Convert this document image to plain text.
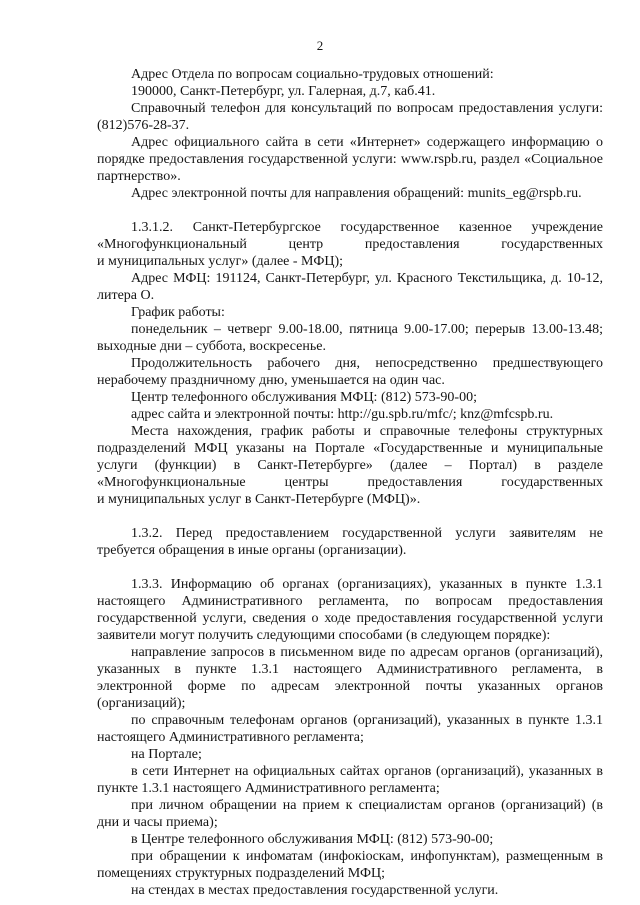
2

Адрес Отдела по вопросам социально-трудовых отношений:

190000, Санкт-Петербург, ул. Галерная, д.7, каб.41.

Справочный телефон для консультаций по вопросам предоставления услуги: (812)576-28-37.

Адрес официального сайта в сети «Интернет» содержащего информацию о порядке предоставления государственной услуги: www.rspb.ru, раздел «Социальное партнерство».

Адрес электронной почты для направления обращений: munits_eg@rspb.ru.

1.3.1.2. Санкт-Петербургское государственное казенное учреждение
«Многофункциональный центр предоставления государственных
и муниципальных услуг» (далее - МФЦ);

Адрес МФЦ: 191124, Санкт-Петербург, ул. Красного Текстильщика, д. 10-12, литера О.

График работы:

понедельник – четверг 9.00-18.00, пятница 9.00-17.00; перерыв 13.00-13.48; выходные дни – суббота, воскресенье.

Продолжительность рабочего дня, непосредственно предшествующего нерабочему праздничному дню, уменьшается на один час.

Центр телефонного обслуживания МФЦ: (812) 573-90-00;

адрес сайта и электронной почты: http://gu.spb.ru/mfc/; knz@mfcspb.ru.

Места нахождения, график работы и справочные телефоны структурных
подразделений МФЦ указаны на Портале «Государственные и муниципальные
услуги (функции) в Санкт-Петербурге» (далее – Портал) в разделе
«Многофункциональные центры предоставления государственных
и муниципальных услуг в Санкт-Петербурге (МФЦ)».

1.3.2. Перед предоставлением государственной услуги заявителям не требуется обращения в иные органы (организации).

1.3.3. Информацию об органах (организациях), указанных в пункте 1.3.1 настоящего Административного регламента, по вопросам предоставления государственной услуги, сведения о ходе предоставления государственной услуги заявители могут получить следующими способами (в следующем порядке):

направление запросов в письменном виде по адресам органов (организаций), указанных в пункте 1.3.1 настоящего Административного регламента, в электронной форме по адресам электронной почты указанных органов (организаций);

по справочным телефонам органов (организаций), указанных в пункте 1.3.1 настоящего Административного регламента;

на Портале;

в сети Интернет на официальных сайтах органов (организаций), указанных в пункте 1.3.1 настоящего Административного регламента;

при личном обращении на прием к специалистам органов (организаций) (в дни и часы приема);

в Центре телефонного обслуживания МФЦ: (812) 573-90-00;

при обращении к инфоматам (инфокioскам, инфопунктам), размещенным в помещениях структурных подразделений МФЦ;

на стендах в местах предоставления государственной услуги.
